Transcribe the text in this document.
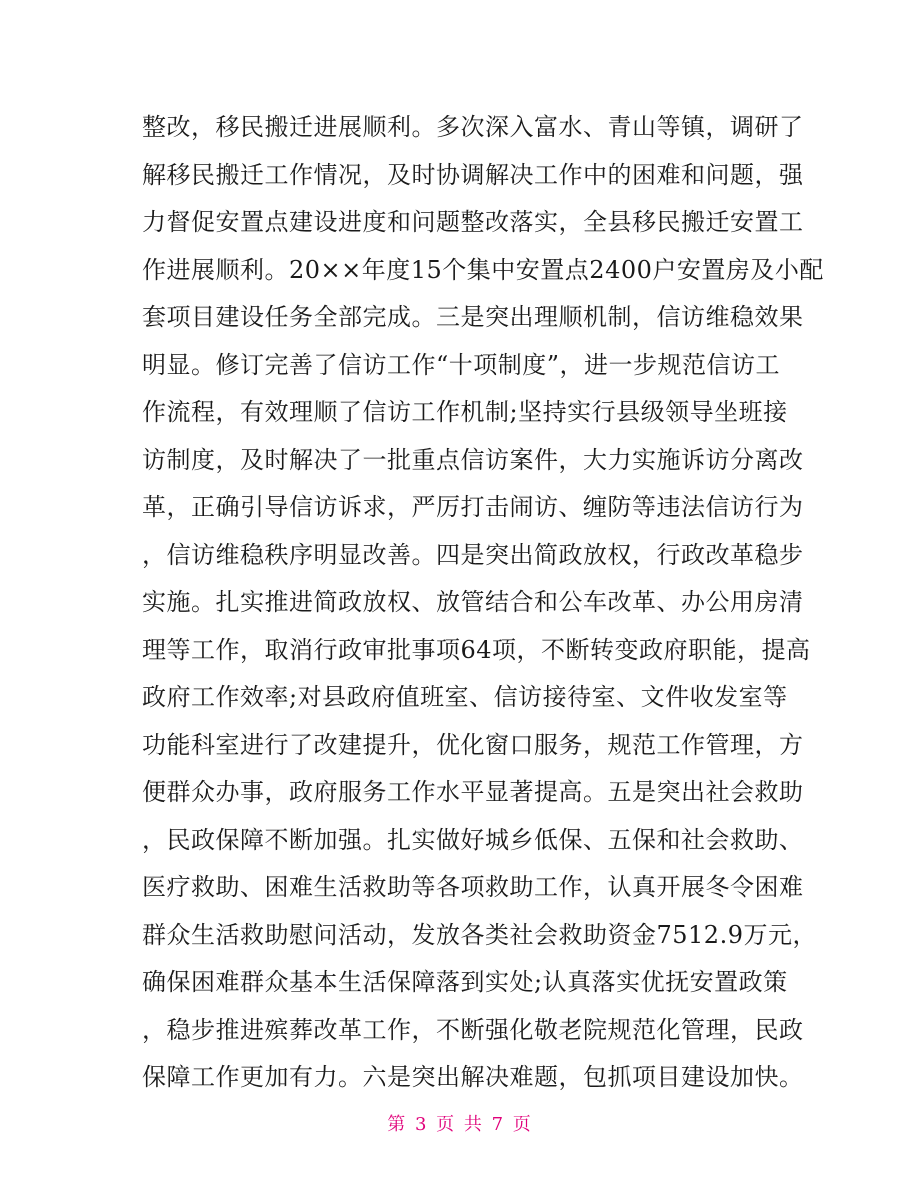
整改，移民搬迁进展顺利。多次深入富水、青山等镇，调研了
解移民搬迁工作情况，及时协调解决工作中的困难和问题，强
力督促安置点建设进度和问题整改落实，全县移民搬迁安置工
作进展顺利。20××年度15个集中安置点2400户安置房及小配
套项目建设任务全部完成。三是突出理顺机制，信访维稳效果
明显。修订完善了信访工作“十项制度”，进一步规范信访工
作流程，有效理顺了信访工作机制;坚持实行县级领导坐班接
访制度，及时解决了一批重点信访案件，大力实施诉访分离改
革，正确引导信访诉求，严厉打击闹访、缠防等违法信访行为
，信访维稳秩序明显改善。四是突出简政放权，行政改革稳步
实施。扎实推进简政放权、放管结合和公车改革、办公用房清
理等工作，取消行政审批事项64项，不断转变政府职能，提高
政府工作效率;对县政府值班室、信访接待室、文件收发室等
功能科室进行了改建提升，优化窗口服务，规范工作管理，方
便群众办事，政府服务工作水平显著提高。五是突出社会救助
，民政保障不断加强。扎实做好城乡低保、五保和社会救助、
医疗救助、困难生活救助等各项救助工作，认真开展冬令困难
群众生活救助慰问活动，发放各类社会救助资金7512.9万元，
确保困难群众基本生活保障落到实处;认真落实优抚安置政策
，稳步推进殡葬改革工作，不断强化敬老院规范化管理，民政
保障工作更加有力。六是突出解决难题，包抓项目建设加快。
第 3 页 共 7 页
